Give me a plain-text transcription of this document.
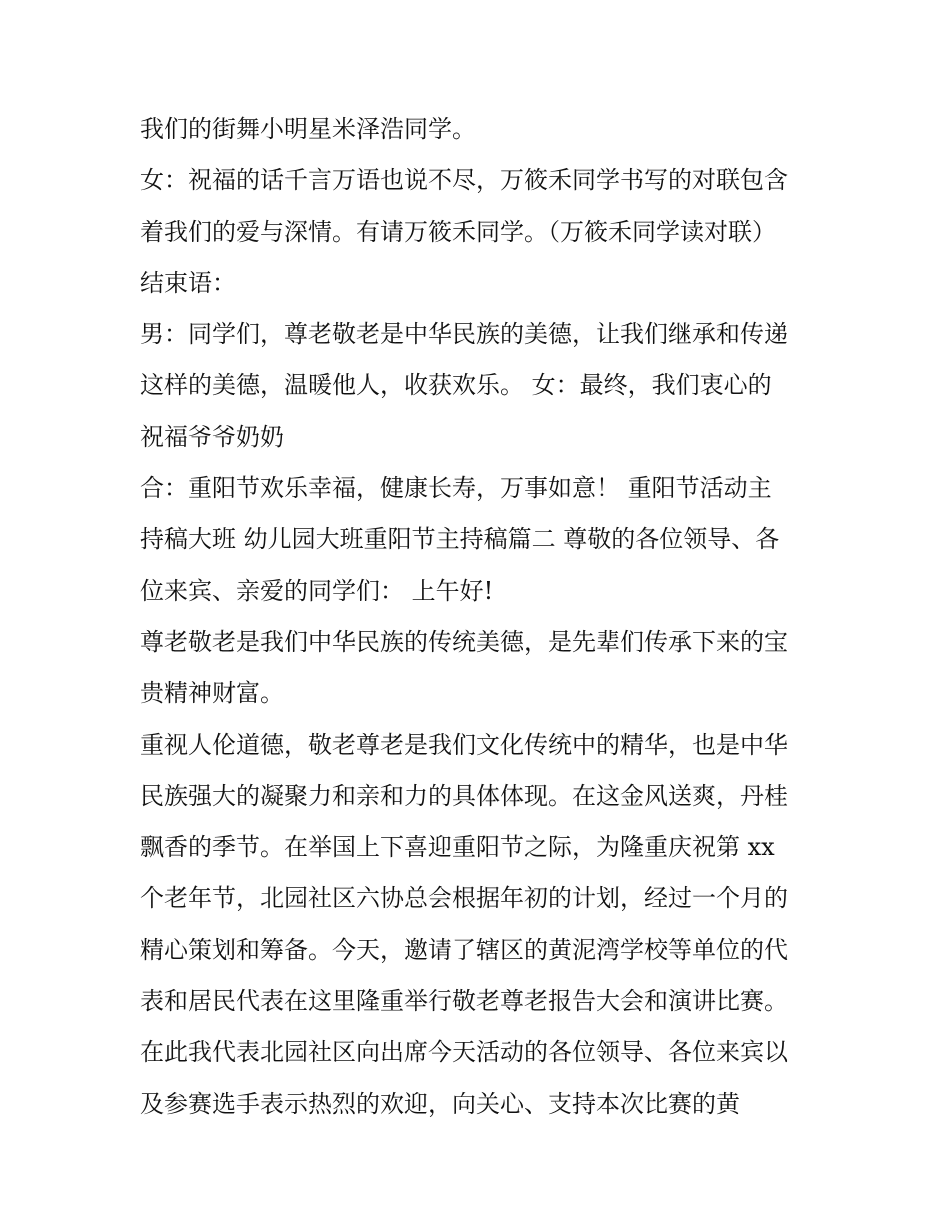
我们的街舞小明星米泽浩同学。
女：祝福的话千言万语也说不尽，万筱禾同学书写的对联包含
着我们的爱与深情。有请万筱禾同学。（万筱禾同学读对联）
结束语：
男：同学们，尊老敬老是中华民族的美德，让我们继承和传递
这样的美德，温暖他人，收获欢乐。 女：最终，我们衷心的
祝福爷爷奶奶
合：重阳节欢乐幸福，健康长寿，万事如意！ 重阳节活动主
持稿大班 幼儿园大班重阳节主持稿篇二 尊敬的各位领导、各
位来宾、亲爱的同学们： 上午好!
尊老敬老是我们中华民族的传统美德，是先辈们传承下来的宝
贵精神财富。
重视人伦道德，敬老尊老是我们文化传统中的精华，也是中华
民族强大的凝聚力和亲和力的具体体现。在这金风送爽，丹桂
飘香的季节。在举国上下喜迎重阳节之际，为隆重庆祝第 xx
个老年节，北园社区六协总会根据年初的计划，经过一个月的
精心策划和筹备。今天，邀请了辖区的黄泥湾学校等单位的代
表和居民代表在这里隆重举行敬老尊老报告大会和演讲比赛。
在此我代表北园社区向出席今天活动的各位领导、各位来宾以
及参赛选手表示热烈的欢迎，向关心、支持本次比赛的黄
